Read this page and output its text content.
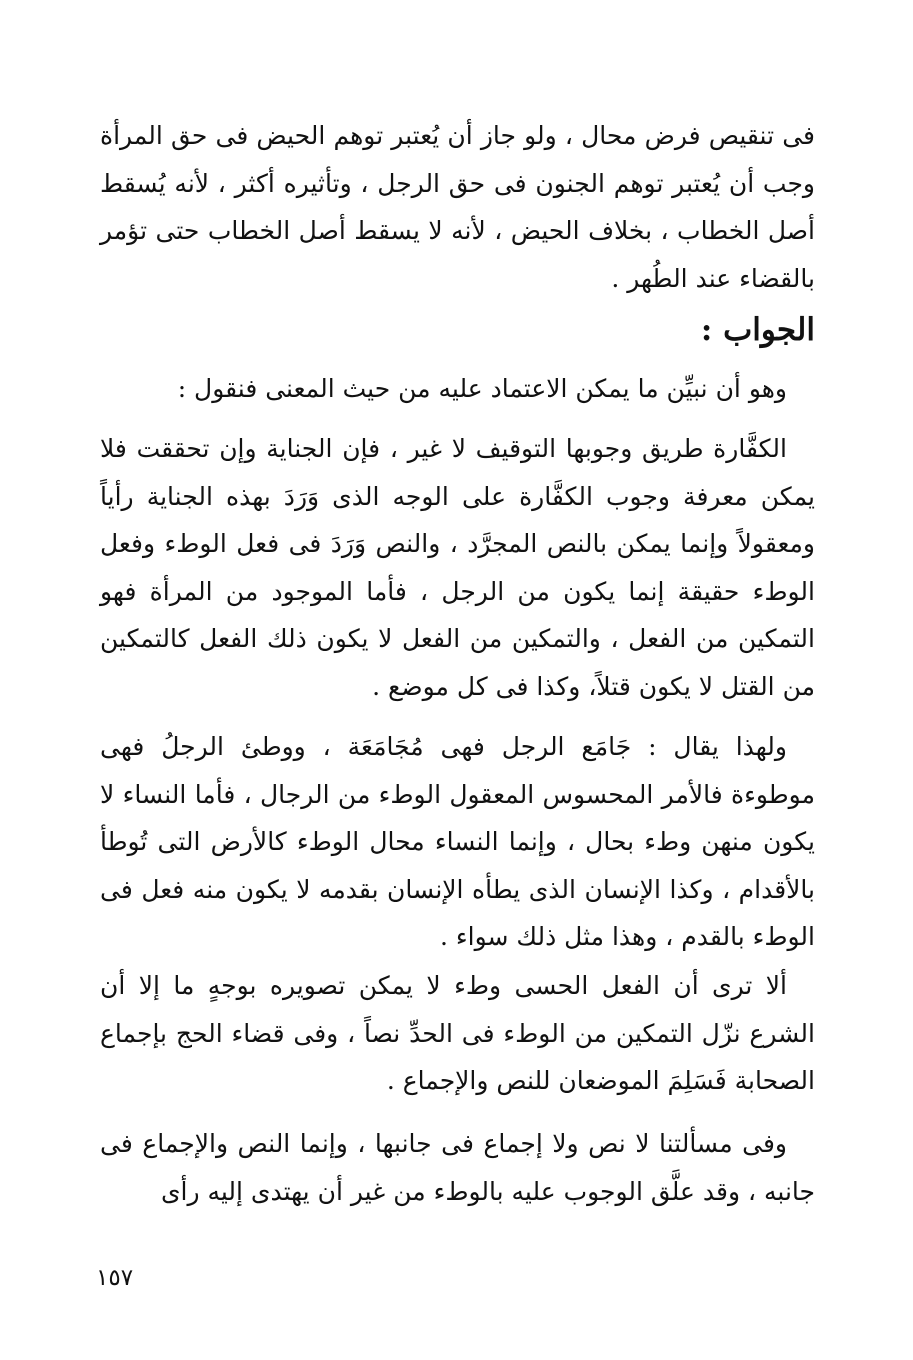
فى تنقيص فرض محال ، ولو جاز أن يُعتبر توهم الحيض فى حق المرأة وجب أن يُعتبر توهم الجنون فى حق الرجل ، وتأثيره أكثر ، لأنه يُسقط أصل الخطاب ، بخلاف الحيض ، لأنه لا يسقط أصل الخطاب حتى تؤمر بالقضاء عند الطُهر .

الجواب :

وهو أن نبيِّن ما يمكن الاعتماد عليه من حيث المعنى فنقول :

الكفَّارة طريق وجوبها التوقيف لا غير ، فإن الجناية وإن تحققت فلا يمكن معرفة وجوب الكفَّارة على الوجه الذى وَرَدَ بهذه الجناية رأياً ومعقولاً وإنما يمكن بالنص المجرَّد ، والنص وَرَدَ فى فعل الوطء وفعل الوطء حقيقة إنما يكون من الرجل ، فأما الموجود من المرأة فهو التمكين من الفعل ، والتمكين من الفعل لا يكون ذلك الفعل كالتمكين من القتل لا يكون قتلاً، وكذا فى كل موضع .

ولهذا يقال : جَامَع الرجل فهى مُجَامَعَة ، ووطئ الرجلُ فهى موطوءة فالأمر المحسوس المعقول الوطء من الرجال ، فأما النساء لا يكون منهن وطء بحال ، وإنما النساء محال الوطء كالأرض التى تُوطأ بالأقدام ، وكذا الإنسان الذى يطأه الإنسان بقدمه لا يكون منه فعل فى الوطء بالقدم ، وهذا مثل ذلك سواء .

ألا ترى أن الفعل الحسى وطء لا يمكن تصويره بوجهٍ ما إلا أن الشرع نزّل التمكين من الوطء فى الحدِّ نصاً ، وفى قضاء الحج بإجماع الصحابة فَسَلِمَ الموضعان للنص والإجماع .

وفى مسألتنا لا نص ولا إجماع فى جانبها ، وإنما النص والإجماع فى جانبه ، وقد علَّق الوجوب عليه بالوطء من غير أن يهتدى إليه رأى

١٥٧
